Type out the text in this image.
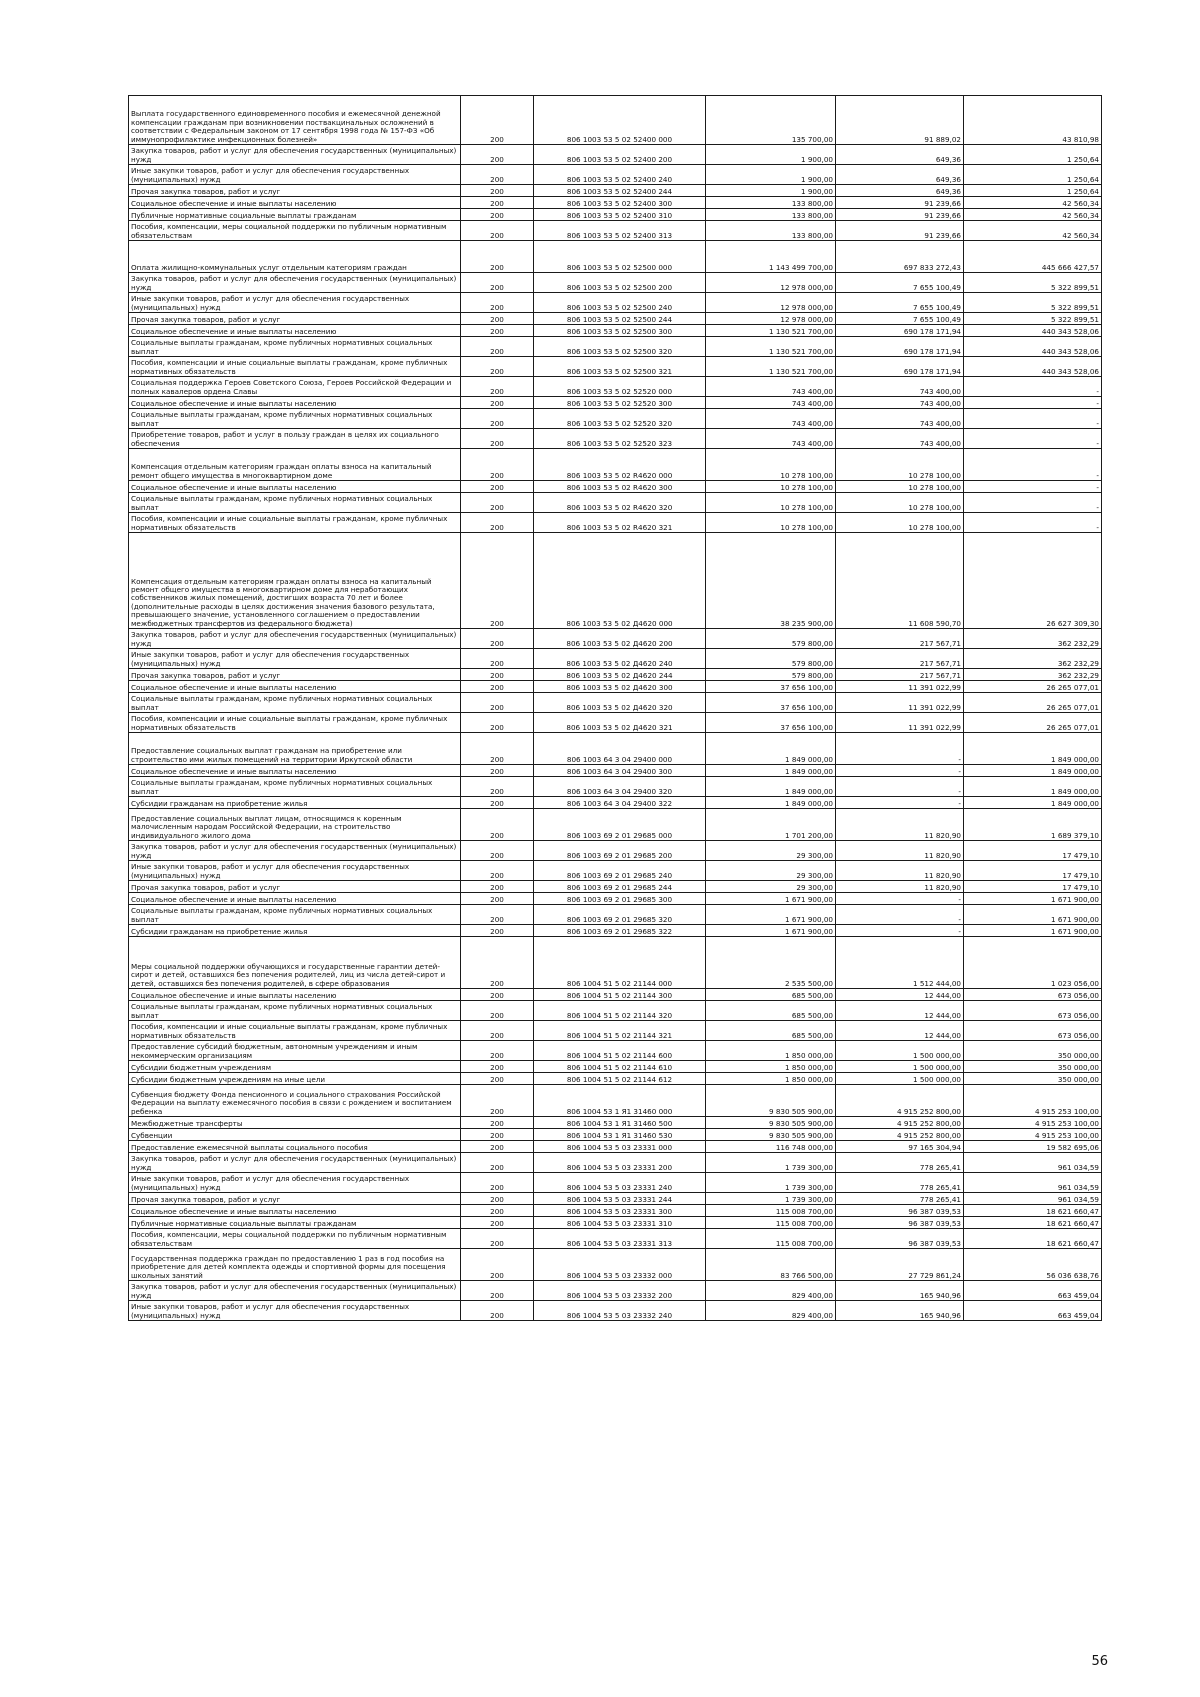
Выплата государственного единовременного пособия и ежемесячной денежной компенсации гражданам при возникновении поствакцинальных осложнений в соответствии с Федеральным законом от 17 сентября 1998 года № 157-ФЗ «Об иммунопрофилактике инфекционных болезней»	200	806 1003 53 5 02 52400 000	135 700,00	91 889,02	43 810,98
Закупка товаров, работ и услуг для обеспечения государственных (муниципальных) нужд	200	806 1003 53 5 02 52400 200	1 900,00	649,36	1 250,64
Иные закупки товаров, работ и услуг для обеспечения государственных (муниципальных) нужд	200	806 1003 53 5 02 52400 240	1 900,00	649,36	1 250,64
Прочая закупка товаров, работ и услуг	200	806 1003 53 5 02 52400 244	1 900,00	649,36	1 250,64
Социальное обеспечение и иные выплаты населению	200	806 1003 53 5 02 52400 300	133 800,00	91 239,66	42 560,34
Публичные нормативные социальные выплаты гражданам	200	806 1003 53 5 02 52400 310	133 800,00	91 239,66	42 560,34
Пособия, компенсации, меры социальной поддержки по публичным нормативным обязательствам	200	806 1003 53 5 02 52400 313	133 800,00	91 239,66	42 560,34
Оплата жилищно-коммунальных услуг отдельным категориям граждан	200	806 1003 53 5 02 52500 000	1 143 499 700,00	697 833 272,43	445 666 427,57
Закупка товаров, работ и услуг для обеспечения государственных (муниципальных) нужд	200	806 1003 53 5 02 52500 200	12 978 000,00	7 655 100,49	5 322 899,51
Иные закупки товаров, работ и услуг для обеспечения государственных (муниципальных) нужд	200	806 1003 53 5 02 52500 240	12 978 000,00	7 655 100,49	5 322 899,51
Прочая закупка товаров, работ и услуг	200	806 1003 53 5 02 52500 244	12 978 000,00	7 655 100,49	5 322 899,51
Социальное обеспечение и иные выплаты населению	200	806 1003 53 5 02 52500 300	1 130 521 700,00	690 178 171,94	440 343 528,06
Социальные выплаты гражданам, кроме публичных нормативных социальных выплат	200	806 1003 53 5 02 52500 320	1 130 521 700,00	690 178 171,94	440 343 528,06
Пособия, компенсации и иные социальные выплаты гражданам, кроме публичных нормативных обязательств	200	806 1003 53 5 02 52500 321	1 130 521 700,00	690 178 171,94	440 343 528,06
Социальная поддержка Героев Советского Союза, Героев Российской Федерации и полных кавалеров ордена Славы	200	806 1003 53 5 02 52520 000	743 400,00	743 400,00	-
Социальное обеспечение и иные выплаты населению	200	806 1003 53 5 02 52520 300	743 400,00	743 400,00	-
Социальные выплаты гражданам, кроме публичных нормативных социальных выплат	200	806 1003 53 5 02 52520 320	743 400,00	743 400,00	-
Приобретение товаров, работ и услуг в пользу граждан в целях их социального обеспечения	200	806 1003 53 5 02 52520 323	743 400,00	743 400,00	-
Компенсация отдельным категориям граждан оплаты взноса на капитальный ремонт общего имущества в многоквартирном доме	200	806 1003 53 5 02 R4620 000	10 278 100,00	10 278 100,00	-
Социальное обеспечение и иные выплаты населению	200	806 1003 53 5 02 R4620 300	10 278 100,00	10 278 100,00	-
Социальные выплаты гражданам, кроме публичных нормативных социальных выплат	200	806 1003 53 5 02 R4620 320	10 278 100,00	10 278 100,00	-
Пособия, компенсации и иные социальные выплаты гражданам, кроме публичных нормативных обязательств	200	806 1003 53 5 02 R4620 321	10 278 100,00	10 278 100,00	-
Компенсация отдельным категориям граждан оплаты взноса на капитальный ремонт общего имущества в многоквартирном доме для неработающих собственников жилых помещений, достигших возраста 70 лет и более (дополнительные расходы в целях достижения значения базового результата, превышающего значение, установленного соглашением о предоставлении межбюджетных трансфертов из федерального бюджета)	200	806 1003 53 5 02 Д4620 000	38 235 900,00	11 608 590,70	26 627 309,30
Закупка товаров, работ и услуг для обеспечения государственных (муниципальных) нужд	200	806 1003 53 5 02 Д4620 200	579 800,00	217 567,71	362 232,29
Иные закупки товаров, работ и услуг для обеспечения государственных (муниципальных) нужд	200	806 1003 53 5 02 Д4620 240	579 800,00	217 567,71	362 232,29
Прочая закупка товаров, работ и услуг	200	806 1003 53 5 02 Д4620 244	579 800,00	217 567,71	362 232,29
Социальное обеспечение и иные выплаты населению	200	806 1003 53 5 02 Д4620 300	37 656 100,00	11 391 022,99	26 265 077,01
Социальные выплаты гражданам, кроме публичных нормативных социальных выплат	200	806 1003 53 5 02 Д4620 320	37 656 100,00	11 391 022,99	26 265 077,01
Пособия, компенсации и иные социальные выплаты гражданам, кроме публичных нормативных обязательств	200	806 1003 53 5 02 Д4620 321	37 656 100,00	11 391 022,99	26 265 077,01
Предоставление социальных выплат гражданам на приобретение или строительство ими жилых помещений на территории Иркутской области	200	806 1003 64 3 04 29400 000	1 849 000,00	-	1 849 000,00
Социальное обеспечение и иные выплаты населению	200	806 1003 64 3 04 29400 300	1 849 000,00	-	1 849 000,00
Социальные выплаты гражданам, кроме публичных нормативных социальных выплат	200	806 1003 64 3 04 29400 320	1 849 000,00	-	1 849 000,00
Субсидии гражданам на приобретение жилья	200	806 1003 64 3 04 29400 322	1 849 000,00	-	1 849 000,00
Предоставление социальных выплат лицам, относящимся к коренным малочисленным народам Российской Федерации, на строительство индивидуального жилого дома	200	806 1003 69 2 01 29685 000	1 701 200,00	11 820,90	1 689 379,10
Закупка товаров, работ и услуг для обеспечения государственных (муниципальных) нужд	200	806 1003 69 2 01 29685 200	29 300,00	11 820,90	17 479,10
Иные закупки товаров, работ и услуг для обеспечения государственных (муниципальных) нужд	200	806 1003 69 2 01 29685 240	29 300,00	11 820,90	17 479,10
Прочая закупка товаров, работ и услуг	200	806 1003 69 2 01 29685 244	29 300,00	11 820,90	17 479,10
Социальное обеспечение и иные выплаты населению	200	806 1003 69 2 01 29685 300	1 671 900,00	-	1 671 900,00
Социальные выплаты гражданам, кроме публичных нормативных социальных выплат	200	806 1003 69 2 01 29685 320	1 671 900,00	-	1 671 900,00
Субсидии гражданам на приобретение жилья	200	806 1003 69 2 01 29685 322	1 671 900,00	-	1 671 900,00
Меры социальной поддержки обучающихся и государственные гарантии детей-сирот и детей, оставшихся без попечения родителей, лиц из числа детей-сирот и детей, оставшихся без попечения родителей, в сфере образования	200	806 1004 51 5 02 21144 000	2 535 500,00	1 512 444,00	1 023 056,00
Социальное обеспечение и иные выплаты населению	200	806 1004 51 5 02 21144 300	685 500,00	12 444,00	673 056,00
Социальные выплаты гражданам, кроме публичных нормативных социальных выплат	200	806 1004 51 5 02 21144 320	685 500,00	12 444,00	673 056,00
Пособия, компенсации и иные социальные выплаты гражданам, кроме публичных нормативных обязательств	200	806 1004 51 5 02 21144 321	685 500,00	12 444,00	673 056,00
Предоставление субсидий бюджетным, автономным учреждениям и иным некоммерческим организациям	200	806 1004 51 5 02 21144 600	1 850 000,00	1 500 000,00	350 000,00
Субсидии бюджетным учреждениям	200	806 1004 51 5 02 21144 610	1 850 000,00	1 500 000,00	350 000,00
Субсидии бюджетным учреждениям на иные цели	200	806 1004 51 5 02 21144 612	1 850 000,00	1 500 000,00	350 000,00
Субвенция бюджету Фонда пенсионного и социального страхования Российской Федерации на выплату ежемесячного пособия в связи с рождением и воспитанием ребенка	200	806 1004 53 1 Я1 31460 000	9 830 505 900,00	4 915 252 800,00	4 915 253 100,00
Межбюджетные трансферты	200	806 1004 53 1 Я1 31460 500	9 830 505 900,00	4 915 252 800,00	4 915 253 100,00
Субвенции	200	806 1004 53 1 Я1 31460 530	9 830 505 900,00	4 915 252 800,00	4 915 253 100,00
Предоставление ежемесячной выплаты социального пособия	200	806 1004 53 5 03 23331 000	116 748 000,00	97 165 304,94	19 582 695,06
Закупка товаров, работ и услуг для обеспечения государственных (муниципальных) нужд	200	806 1004 53 5 03 23331 200	1 739 300,00	778 265,41	961 034,59
Иные закупки товаров, работ и услуг для обеспечения государственных (муниципальных) нужд	200	806 1004 53 5 03 23331 240	1 739 300,00	778 265,41	961 034,59
Прочая закупка товаров, работ и услуг	200	806 1004 53 5 03 23331 244	1 739 300,00	778 265,41	961 034,59
Социальное обеспечение и иные выплаты населению	200	806 1004 53 5 03 23331 300	115 008 700,00	96 387 039,53	18 621 660,47
Публичные нормативные социальные выплаты гражданам	200	806 1004 53 5 03 23331 310	115 008 700,00	96 387 039,53	18 621 660,47
Пособия, компенсации, меры социальной поддержки по публичным нормативным обязательствам	200	806 1004 53 5 03 23331 313	115 008 700,00	96 387 039,53	18 621 660,47
Государственная поддержка граждан по предоставлению 1 раз в год пособия на приобретение для детей комплекта одежды и спортивной формы для посещения школьных занятий	200	806 1004 53 5 03 23332 000	83 766 500,00	27 729 861,24	56 036 638,76
Закупка товаров, работ и услуг для обеспечения государственных (муниципальных) нужд	200	806 1004 53 5 03 23332 200	829 400,00	165 940,96	663 459,04
Иные закупки товаров, работ и услуг для обеспечения государственных (муниципальных) нужд	200	806 1004 53 5 03 23332 240	829 400,00	165 940,96	663 459,04
56
